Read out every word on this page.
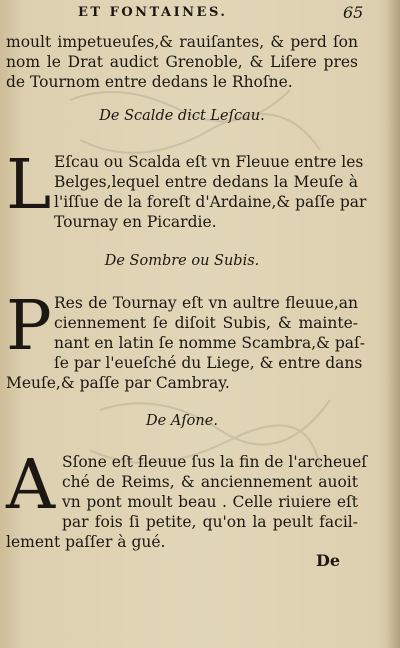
ET FONTAINES.	65
moult impetueuſes,& rauiſantes, & perd ſon
nom le Drat audict Grenoble, & Liſere pres
de Tournom entre dedans le Rhoſne.
De Scalde dict Leſcau.
L Eſcau ou Scalda eſt vn Fleuue entre les
Belges,lequel entre dedans la Meuſe à
l'iſſue de la foreſt d'Ardaine,& paſſe par
Tournay en Picardie.
De Sombre ou Subis.
P Res de Tournay eſt vn aultre fleuue,an
ciennement ſe diſoit Subis, & mainte-
nant en latin ſe nomme Scambra,& paſ-
ſe par l'eueſché du Liege, & entre dans
Meuſe,& paſſe par Cambray.
De Aſone.
A Sſone eſt fleuue ſus la fin de l'archeueſ
ché de Reims, & anciennement auoit
vn pont moult beau . Celle riuiere eſt
par fois ſi petite, qu'on la peult facil-
lement paſſer à gué.
De
